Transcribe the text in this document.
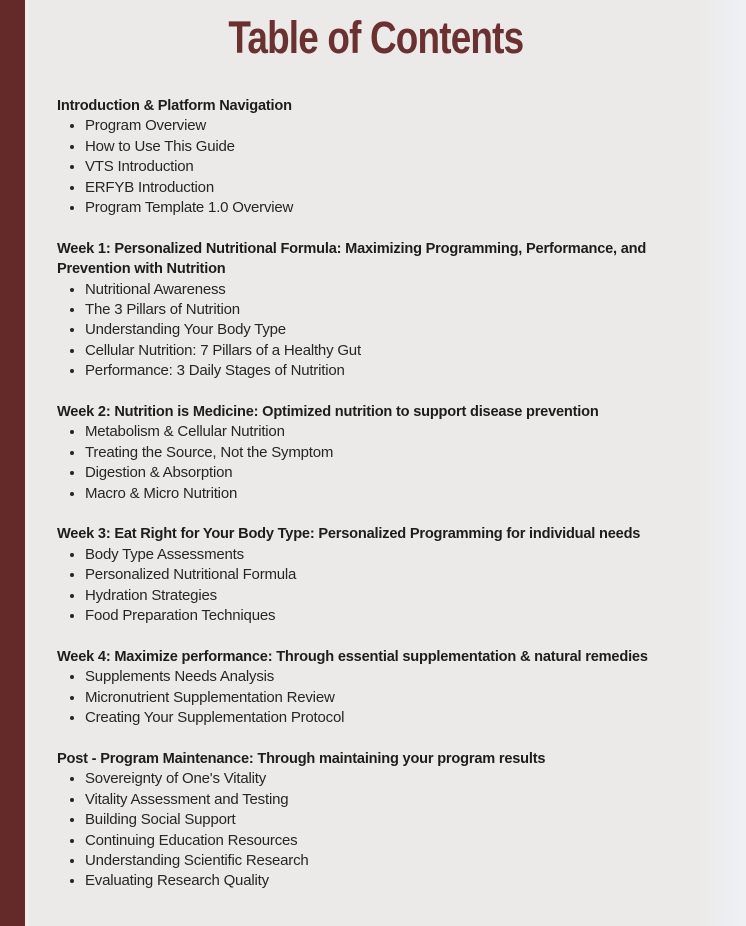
Table of Contents
Introduction & Platform Navigation
• Program Overview
• How to Use This Guide
• VTS Introduction
• ERFYB Introduction
• Program Template 1.0 Overview
Week 1: Personalized Nutritional Formula: Maximizing Programming, Performance, and Prevention with Nutrition
• Nutritional Awareness
• The 3 Pillars of Nutrition
• Understanding Your Body Type
• Cellular Nutrition: 7 Pillars of a Healthy Gut
• Performance: 3 Daily Stages of Nutrition
Week 2: Nutrition is Medicine: Optimized nutrition to support disease prevention
• Metabolism & Cellular Nutrition
• Treating the Source, Not the Symptom
• Digestion & Absorption
• Macro & Micro Nutrition
Week 3: Eat Right for Your Body Type: Personalized Programming for individual needs
• Body Type Assessments
• Personalized Nutritional Formula
• Hydration Strategies
• Food Preparation Techniques
Week 4: Maximize performance: Through essential supplementation & natural remedies
• Supplements Needs Analysis
• Micronutrient Supplementation Review
• Creating Your Supplementation Protocol
Post - Program Maintenance: Through maintaining your program results
• Sovereignty of One's Vitality
• Vitality Assessment and Testing
• Building Social Support
• Continuing Education Resources
• Understanding Scientific Research
• Evaluating Research Quality
